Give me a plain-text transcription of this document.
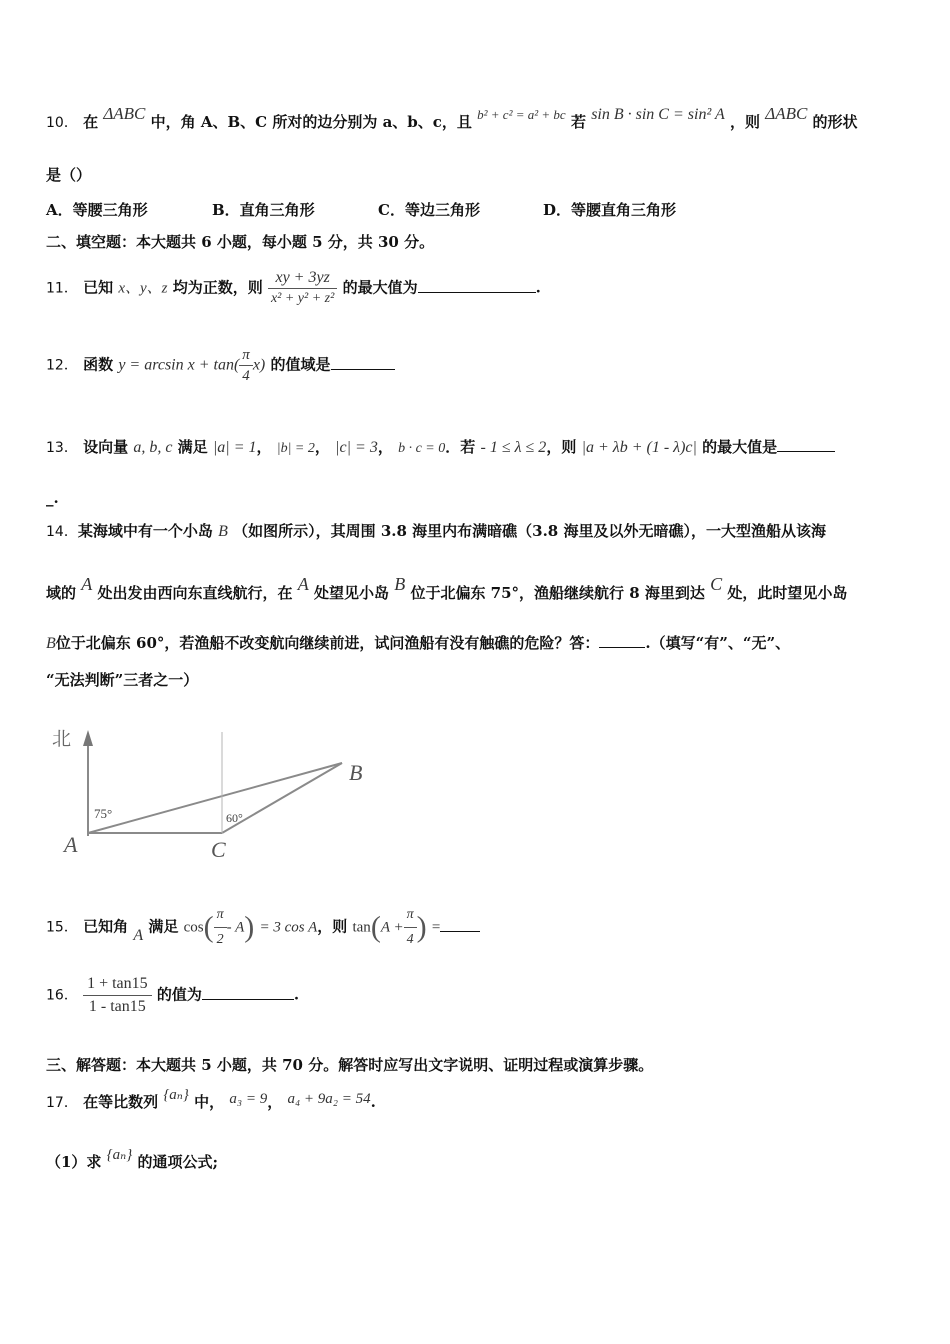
10． 在 ΔABC 中，角 A、B、C 所对的边分别为 a、b、c，且 b² + c² = a² + bc 若 sin B · sin C = sin² A ，则 ΔABC 的形状
是（）
A．等腰三角形	B．直角三角形	C．等边三角形	D．等腰直角三角形
二、填空题：本大题共 6 小题，每小题 5 分，共 30 分。
11． 已知 x、y、z 均为正数，则 $\frac{xy + 3yz}{\text{x² + y² + z²}}$ 的最大值为	.
12． 函数 $y = \arcsin x + \tan( \frac{\pi}{4} x)$ 的值域是
13． 设向量 a, b, c 满足 |a| = 1， |b| = 2， |c| = 3， b · c = 0．若 - 1 ≤ λ ≤ 2，则 |a + λb + (1 - λ)c| 的最大值是
_.
14．某海域中有一个小岛 B （如图所示），其周围 3.8 海里内布满暗礁（3.8 海里及以外无暗礁），一大型渔船从该海
域的 A 处出发由西向东直线航行，在 A 处望见小岛 B 位于北偏东 75°，渔船继续航行 8 海里到达 C 处，此时望见小岛
B位于北偏东 60°，若渔船不改变航向继续前进，试问渔船有没有触礁的危险？答：	.（填写“有”、“无”、
“无法判断”三者之一）
北
75°	60°
A	C
B
15． 已知角 A 满足 $\cos( \frac{\pi}{2} - A) = 3$ cos A，则 $\tan(A + \frac{\pi}{4}$ ) =
16． $\frac{1 + \tan 15}{1 - \tan 15}$ 的值为	.
三、解答题：本大题共 5 小题，共 70 分。解答时应写出文字说明、证明过程或演算步骤。
17． 在等比数列 {aₙ} 中， a₃ = 9， a₄ + 9a₂ = 54.
（1）求 {aₙ} 的通项公式;
